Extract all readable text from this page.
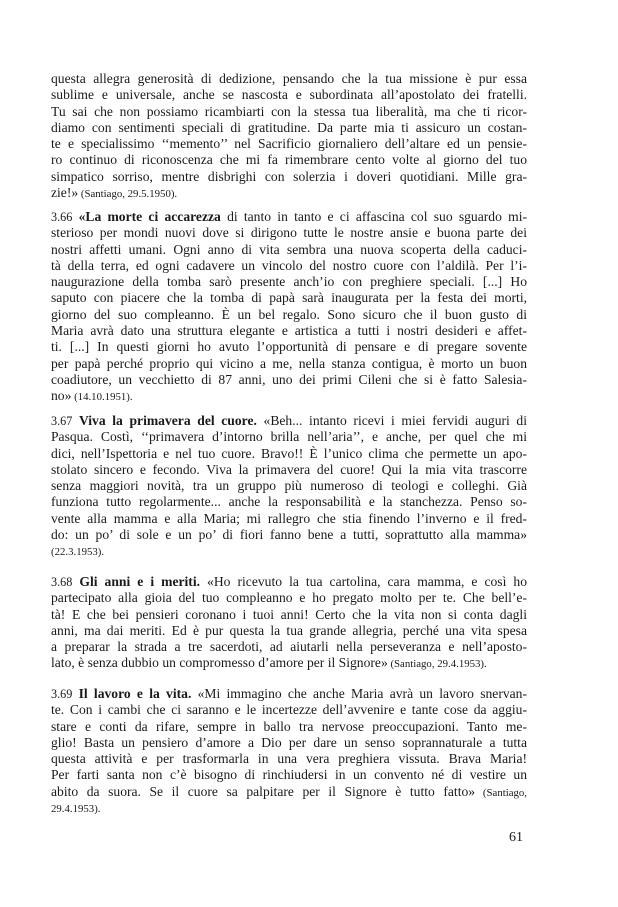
questa allegra generosità di dedizione, pensando che la tua missione è pur essa
sublime e universale, anche se nascosta e subordinata all’apostolato dei fratelli.
Tu sai che non possiamo ricambiarti con la stessa tua liberalità, ma che ti ricor-
diamo con sentimenti speciali di gratitudine. Da parte mia ti assicuro un costan-
te e specialissimo ‘‘memento’’ nel Sacrificio giornaliero dell’altare ed un pensie-
ro continuo di riconoscenza che mi fa rimembrare cento volte al giorno del tuo
simpatico sorriso, mentre disbrighi con solerzia i doveri quotidiani. Mille gra-
zie!» (Santiago, 29.5.1950).
3.66 «La morte ci accarezza di tanto in tanto e ci affascina col suo sguardo mi-
sterioso per mondi nuovi dove si dirigono tutte le nostre ansie e buona parte dei
nostri affetti umani. Ogni anno di vita sembra una nuova scoperta della caduci-
tà della terra, ed ogni cadavere un vincolo del nostro cuore con l’aldilà. Per l’i-
naugurazione della tomba sarò presente anch’io con preghiere speciali. [...] Ho
saputo con piacere che la tomba di papà sarà inaugurata per la festa dei morti,
giorno del suo compleanno. È un bel regalo. Sono sicuro che il buon gusto di
Maria avrà dato una struttura elegante e artistica a tutti i nostri desideri e affet-
ti. [...] In questi giorni ho avuto l’opportunità di pensare e di pregare sovente
per papà perché proprio qui vicino a me, nella stanza contigua, è morto un buon
coadiutore, un vecchietto di 87 anni, uno dei primi Cileni che si è fatto Salesia-
no» (14.10.1951).
3.67 Viva la primavera del cuore. «Beh... intanto ricevi i miei fervidi auguri di
Pasqua. Costì, ‘‘primavera d’intorno brilla nell’aria’’, e anche, per quel che mi
dici, nell’Ispettoria e nel tuo cuore. Bravo!! È l’unico clima che permette un apo-
stolato sincero e fecondo. Viva la primavera del cuore! Qui la mia vita trascorre
senza maggiori novità, tra un gruppo più numeroso di teologi e colleghi. Già
funziona tutto regolarmente... anche la responsabilità e la stanchezza. Penso so-
vente alla mamma e alla Maria; mi rallegro che stia finendo l’inverno e il fred-
do: un po’ di sole e un po’ di fiori fanno bene a tutti, soprattutto alla mamma»
(22.3.1953).
3.68 Gli anni e i meriti. «Ho ricevuto la tua cartolina, cara mamma, e così ho
partecipato alla gioia del tuo compleanno e ho pregato molto per te. Che bell’e-
tà! E che bei pensieri coronano i tuoi anni! Certo che la vita non si conta dagli
anni, ma dai meriti. Ed è pur questa la tua grande allegria, perché una vita spesa
a preparar la strada a tre sacerdoti, ad aiutarli nella perseveranza e nell’aposto-
lato, è senza dubbio un compromesso d’amore per il Signore» (Santiago, 29.4.1953).
3.69 Il lavoro e la vita. «Mi immagino che anche Maria avrà un lavoro snervan-
te. Con i cambi che ci saranno e le incertezze dell’avvenire e tante cose da aggiu-
stare e conti da rifare, sempre in ballo tra nervose preoccupazioni. Tanto me-
glio! Basta un pensiero d’amore a Dio per dare un senso soprannaturale a tutta
questa attività e per trasformarla in una vera preghiera vissuta. Brava Maria!
Per farti santa non c’è bisogno di rinchiudersi in un convento né di vestire un
abito da suora. Se il cuore sa palpitare per il Signore è tutto fatto» (Santiago,
29.4.1953).
61
